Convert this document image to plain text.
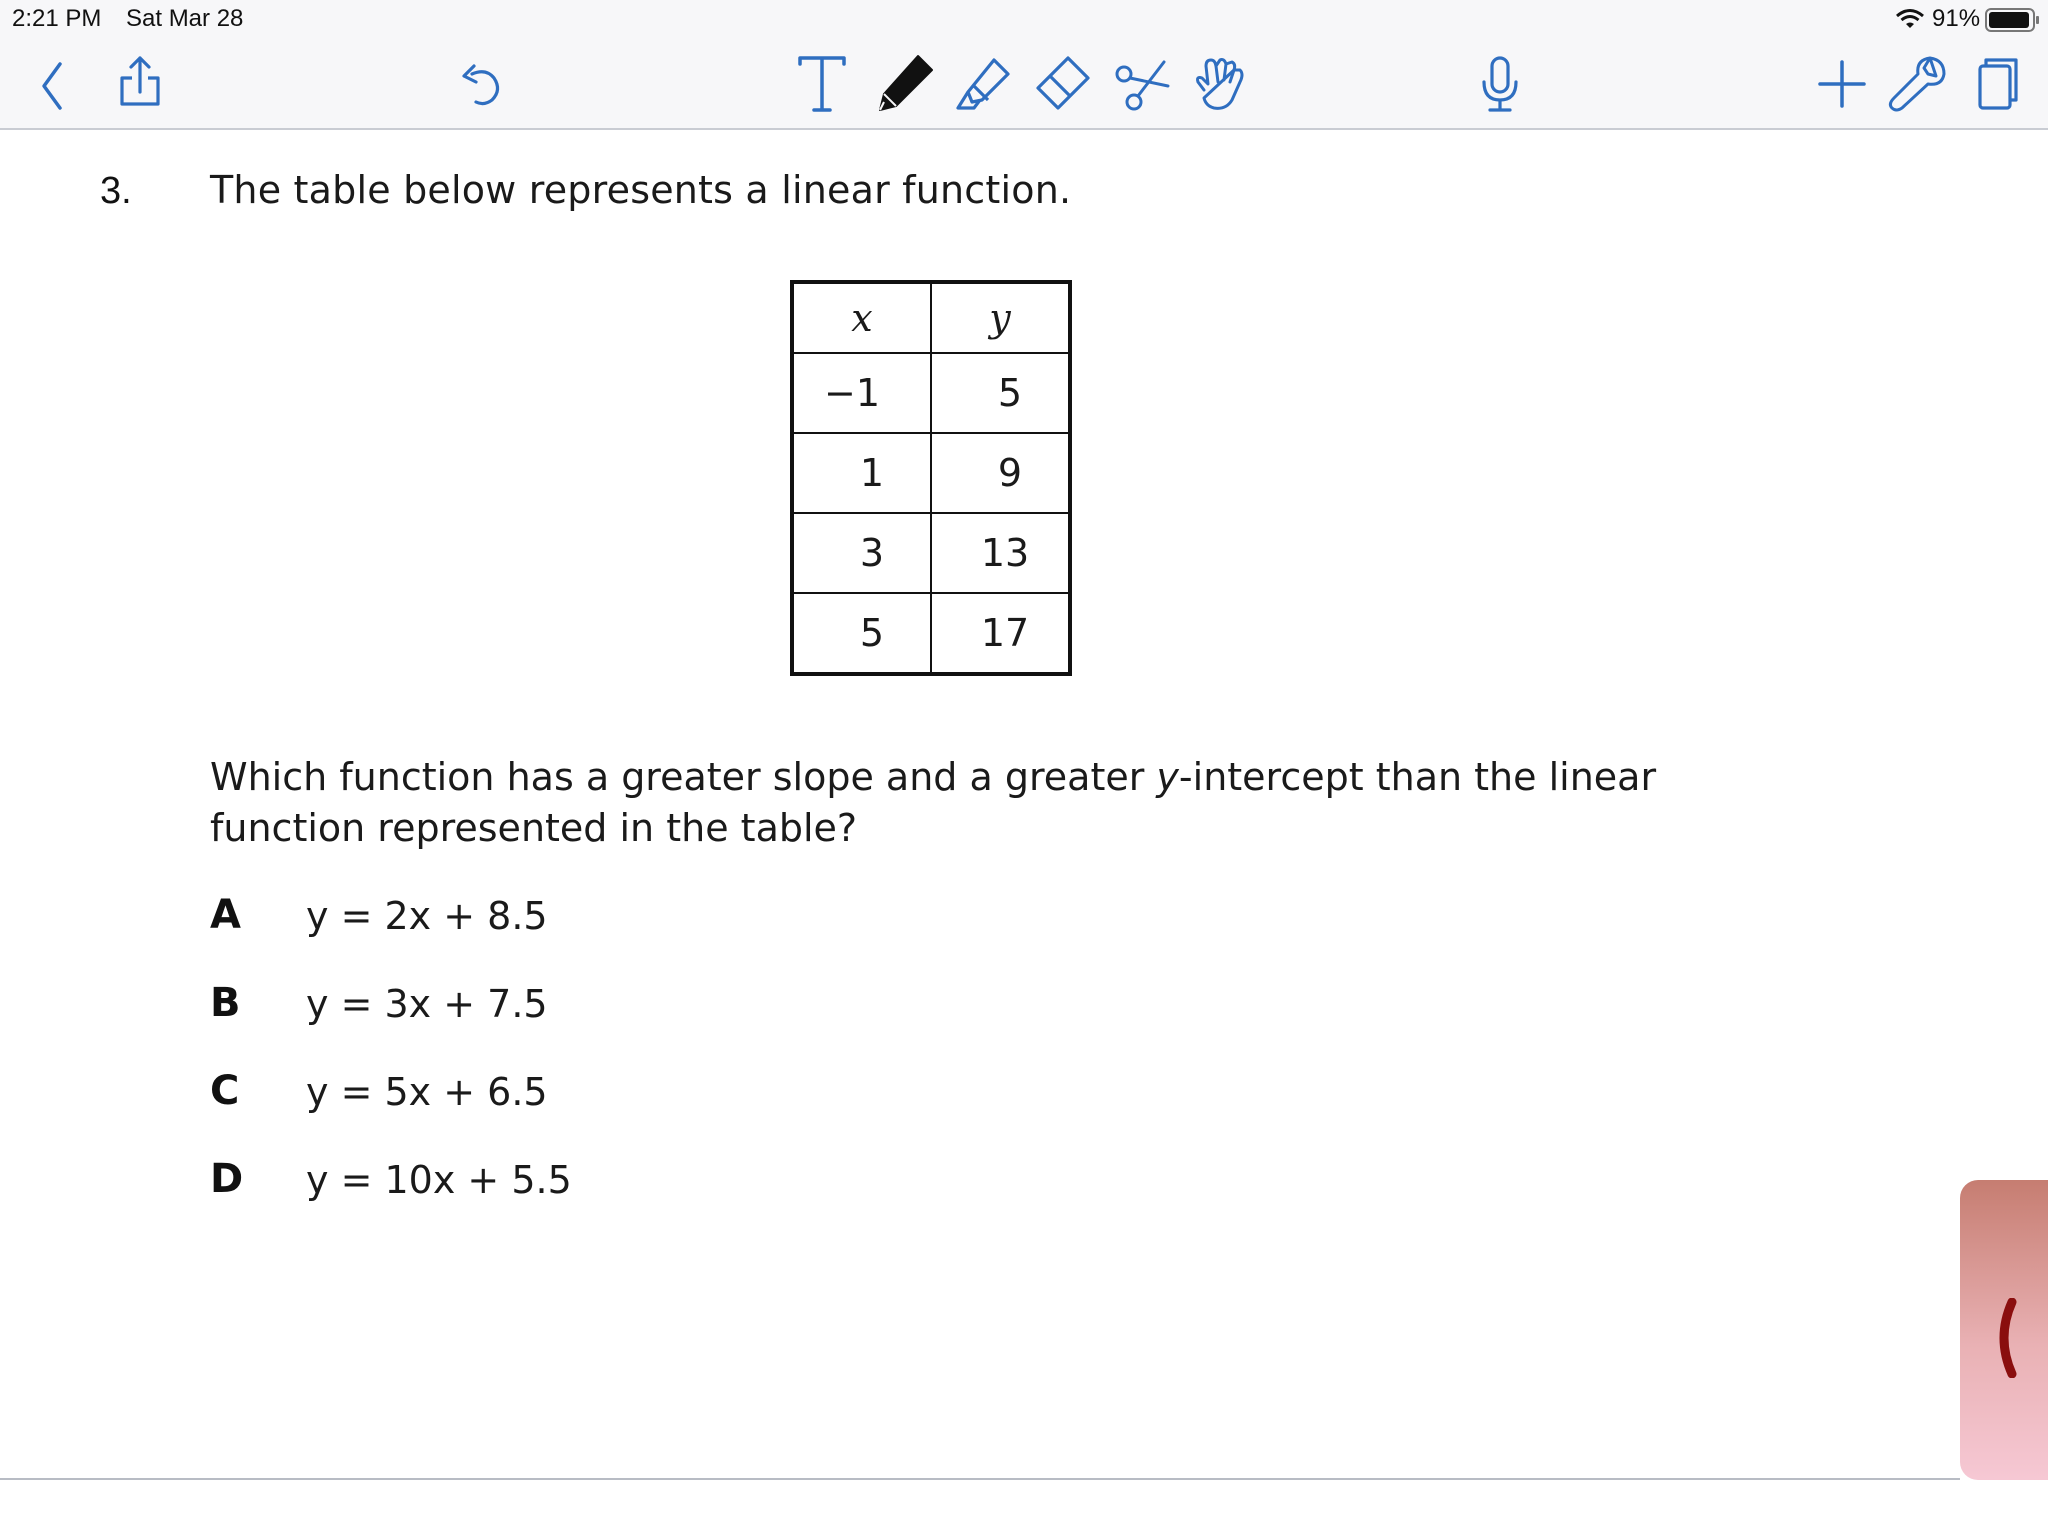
2:21 PM Sat Mar 28	91%
3. The table below represents a linear function.
x	y
−1	5
1	9
3	13
5	17
Which function has a greater slope and a greater y-intercept than the linear function represented in the table?
A y = 2x + 8.5
B y = 3x + 7.5
C y = 5x + 6.5
D y = 10x + 5.5
